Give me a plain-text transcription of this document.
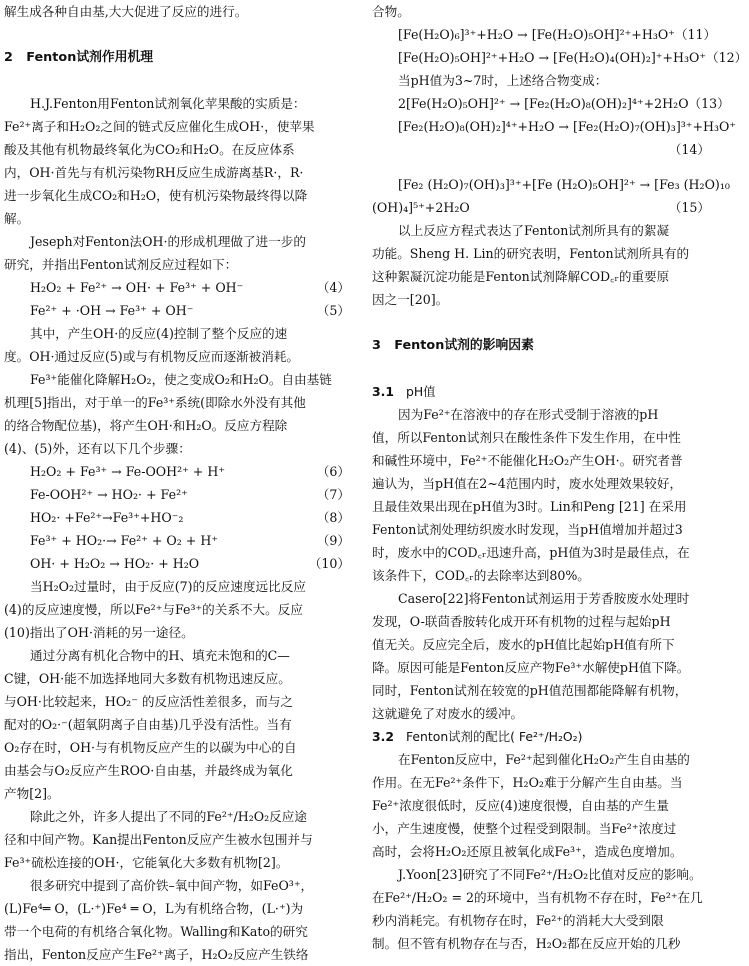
解生成各种自由基,大大促进了反应的进行。
2 Fenton试剂作用机理
H.J.Fenton用Fenton试剂氧化苹果酸的实质是：
Fe²⁺离子和H₂O₂之间的链式反应催化生成OH·，使苹果
酸及其他有机物最终氧化为CO₂和H₂O。在反应体系
内，OH·首先与有机污染物RH反应生成游离基R·，R·
进一步氧化生成CO₂和H₂O，使有机污染物最终得以降
解。
Jeseph对Fenton法OH·的形成机理做了进一步的
研究，并指出Fenton试剂反应过程如下：
H₂O₂ + Fe²⁺ → OH· + Fe³⁺ + OH⁻	（4）
Fe²⁺ + ·OH → Fe³⁺ + OH⁻	（5）
其中，产生OH·的反应(4)控制了整个反应的速
度。OH·通过反应(5)或与有机物反应而逐渐被消耗。
Fe³⁺能催化降解H₂O₂，使之变成O₂和H₂O。自由基链
机理[5]指出，对于单一的Fe³⁺系统(即除水外没有其他
的络合物配位基)，将产生OH·和H₂O。反应方程除
(4)、(5)外，还有以下几个步骤：
H₂O₂ + Fe³⁺ → Fe-OOH²⁺ + H⁺	（6）
Fe-OOH²⁺ → HO₂· + Fe²⁺	（7）
HO₂· +Fe²⁺→Fe³⁺+HO⁻₂	（8）
Fe³⁺ + HO₂·→ Fe²⁺ + O₂ + H⁺	（9）
OH· + H₂O₂ → HO₂· + H₂O	（10）
当H₂O₂过量时，由于反应(7)的反应速度远比反应
(4)的反应速度慢，所以Fe²⁺与Fe³⁺的关系不大。反应
(10)指出了OH·消耗的另一途径。
通过分离有机化合物中的H、填充未饱和的C—
C键，OH·能不加选择地同大多数有机物迅速反应。
与OH·比较起来，HO₂⁻ 的反应活性差很多，而与之
配对的O₂·⁻(超氧阴离子自由基)几乎没有活性。当有
O₂存在时，OH·与有机物反应产生的以碳为中心的自
由基会与O₂反应产生ROO·自由基，并最终成为氧化
产物[2]。
除此之外，许多人提出了不同的Fe²⁺/H₂O₂反应途
径和中间产物。Kan提出Fenton反应产生被水包围并与
Fe³⁺硫松连接的OH·，它能氧化大多数有机物[2]。
很多研究中提到了高价铁–氧中间产物，如FeO³⁺，
(L)Fe⁴═ O，(L·⁺)Fe⁴ ═ O，L为有机络合物，(L·⁺)为
带一个电荷的有机络合氧化物。Walling和Kato的研究
指出，Fenton反应产生Fe²⁺离子，H₂O₂反应产生铁络
合物。
[Fe(H₂O)₆]³⁺+H₂O → [Fe(H₂O)₅OH]²⁺+H₃O⁺ （11）
[Fe(H₂O)₅OH]²⁺+H₂O → [Fe(H₂O)₄(OH)₂]⁺+H₃O⁺ （12）
当pH值为3~7时，上述络合物变成：
2[Fe(H₂O)₅OH]²⁺ → [Fe₂(H₂O)₈(OH)₂]⁴⁺+2H₂O （13）
[Fe₂(H₂O)₈(OH)₂]⁴⁺+H₂O → [Fe₂(H₂O)₇(OH)₃]³⁺+H₃O⁺
（14）
[Fe₂ (H₂O)₇(OH)₃]³⁺+[Fe (H₂O)₅OH]²⁺ → [Fe₃ (H₂O)₁₀
(OH)₄]⁵⁺+2H₂O	（15）
以上反应方程式表达了Fenton试剂所具有的絮凝
功能。Sheng H. Lin的研究表明，Fenton试剂所具有的
这种絮凝沉淀功能是Fenton试剂降解COD꜀ᵣ的重要原
因之一[20]。
3 Fenton试剂的影响因素
3.1 pH值
因为Fe²⁺在溶液中的存在形式受制于溶液的pH
值，所以Fenton试剂只在酸性条件下发生作用，在中性
和碱性环境中，Fe²⁺不能催化H₂O₂产生OH·。研究者普
遍认为，当pH值在2~4范围内时，废水处理效果较好，
且最佳效果出现在pH值为3时。Lin和Peng [21] 在采用
Fenton试剂处理纺织废水时发现，当pH值增加并超过3
时，废水中的COD꜀ᵣ迅速升高，pH值为3时是最佳点，在
该条件下，COD꜀ᵣ的去除率达到80%。
Casero[22]将Fenton试剂运用于芳香胺废水处理时
发现，O-联茴香胺转化成开环有机物的过程与起始pH
值无关。反应完全后，废水的pH值比起始pH值有所下
降。原因可能是Fenton反应产物Fe³⁺水解使pH值下降。
同时，Fenton试剂在较宽的pH值范围都能降解有机物，
这就避免了对废水的缓冲。
3.2 Fenton试剂的配比( Fe²⁺/H₂O₂)
在Fenton反应中，Fe²⁺起到催化H₂O₂产生自由基的
作用。在无Fe²⁺条件下，H₂O₂难于分解产生自由基。当
Fe²⁺浓度很低时，反应(4)速度很慢，自由基的产生量
小，产生速度慢，使整个过程受到限制。当Fe²⁺浓度过
高时，会将H₂O₂还原且被氧化成Fe³⁺，造成色度增加。
J.Yoon[23]研究了不同Fe²⁺/H₂O₂比值对反应的影响。
在Fe²⁺/H₂O₂ = 2的环境中，当有机物不存在时，Fe²⁺在几
秒内消耗完。有机物存在时，Fe²⁺的消耗大大受到限
制。但不管有机物存在与否，H₂O₂都在反应开始的几秒
